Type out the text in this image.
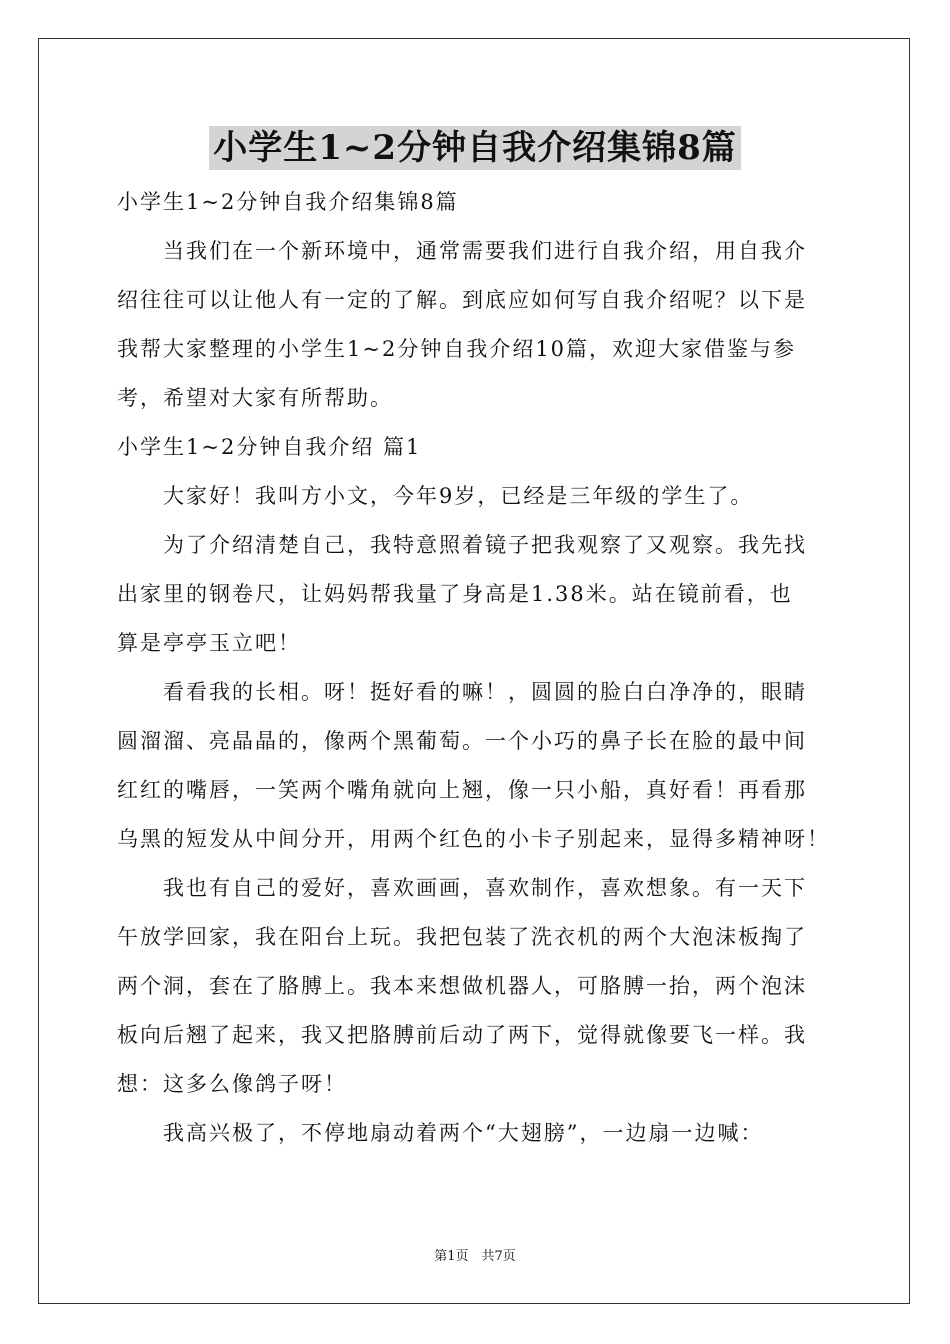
小学生1~2分钟自我介绍集锦8篇
小学生1~2分钟自我介绍集锦8篇
当我们在一个新环境中，通常需要我们进行自我介绍，用自我介
绍往往可以让他人有一定的了解。到底应如何写自我介绍呢？以下是
我帮大家整理的小学生1~2分钟自我介绍10篇，欢迎大家借鉴与参
考，希望对大家有所帮助。
小学生1~2分钟自我介绍 篇1
大家好！我叫方小文，今年9岁，已经是三年级的学生了。
为了介绍清楚自己，我特意照着镜子把我观察了又观察。我先找
出家里的钢卷尺，让妈妈帮我量了身高是1.38米。站在镜前看，也
算是亭亭玉立吧！
看看我的长相。呀！挺好看的嘛！，圆圆的脸白白净净的，眼睛
圆溜溜、亮晶晶的，像两个黑葡萄。一个小巧的鼻子长在脸的最中间
红红的嘴唇，一笑两个嘴角就向上翘，像一只小船，真好看！再看那
乌黑的短发从中间分开，用两个红色的小卡子别起来，显得多精神呀！
我也有自己的爱好，喜欢画画，喜欢制作，喜欢想象。有一天下
午放学回家，我在阳台上玩。我把包装了洗衣机的两个大泡沫板掏了
两个洞，套在了胳膊上。我本来想做机器人，可胳膊一抬，两个泡沫
板向后翘了起来，我又把胳膊前后动了两下，觉得就像要飞一样。我
想：这多么像鸽子呀！
我高兴极了，不停地扇动着两个“大翅膀”，一边扇一边喊：
第1页　共7页
